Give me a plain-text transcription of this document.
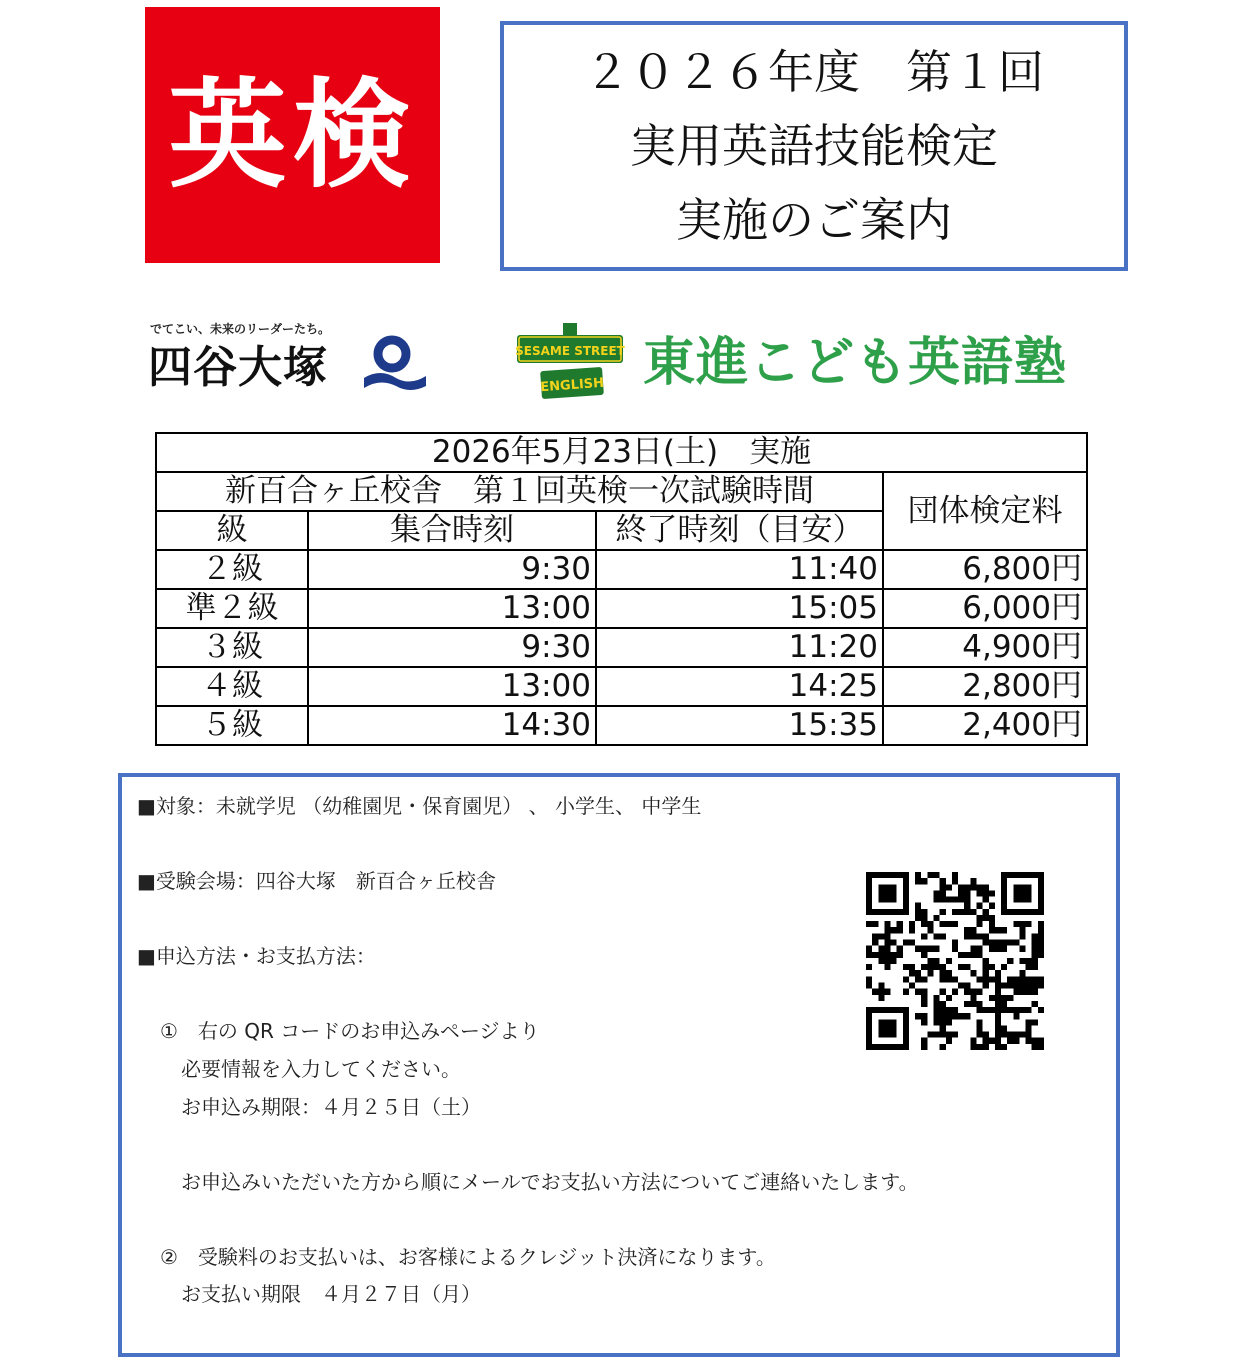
英検	２０２６年度　第１回
実用英語技能検定
実施のご案内
でてこい、未来のリーダーたち。
四谷大塚	SESAME STREET
ENGLISH 東進こども英語塾
2026年5月23日(土)　実施			
新百合ヶ丘校舎　第１回英検一次試験時間			団体検定料
級	集合時刻	終了時刻（目安）	
２級	9:30	11:40	6,800円
準２級	13:00	15:05	6,000円
３級	9:30	11:20	4,900円
４級	13:00	14:25	2,800円
５級	14:30	15:35	2,400円
■対象：未就学児 （幼稚園児・保育園児） 、 小学生、 中学生
■受験会場：四谷大塚　新百合ヶ丘校舎
■申込方法・お支払方法：
①　右の QR コードのお申込みページより
必要情報を入力してください。
お申込み期限：４月２５日（土）
お申込みいただいた方から順にメールでお支払い方法についてご連絡いたします。
②　受験料のお支払いは、お客様によるクレジット決済になります。
お支払い期限　４月２７日（月）
